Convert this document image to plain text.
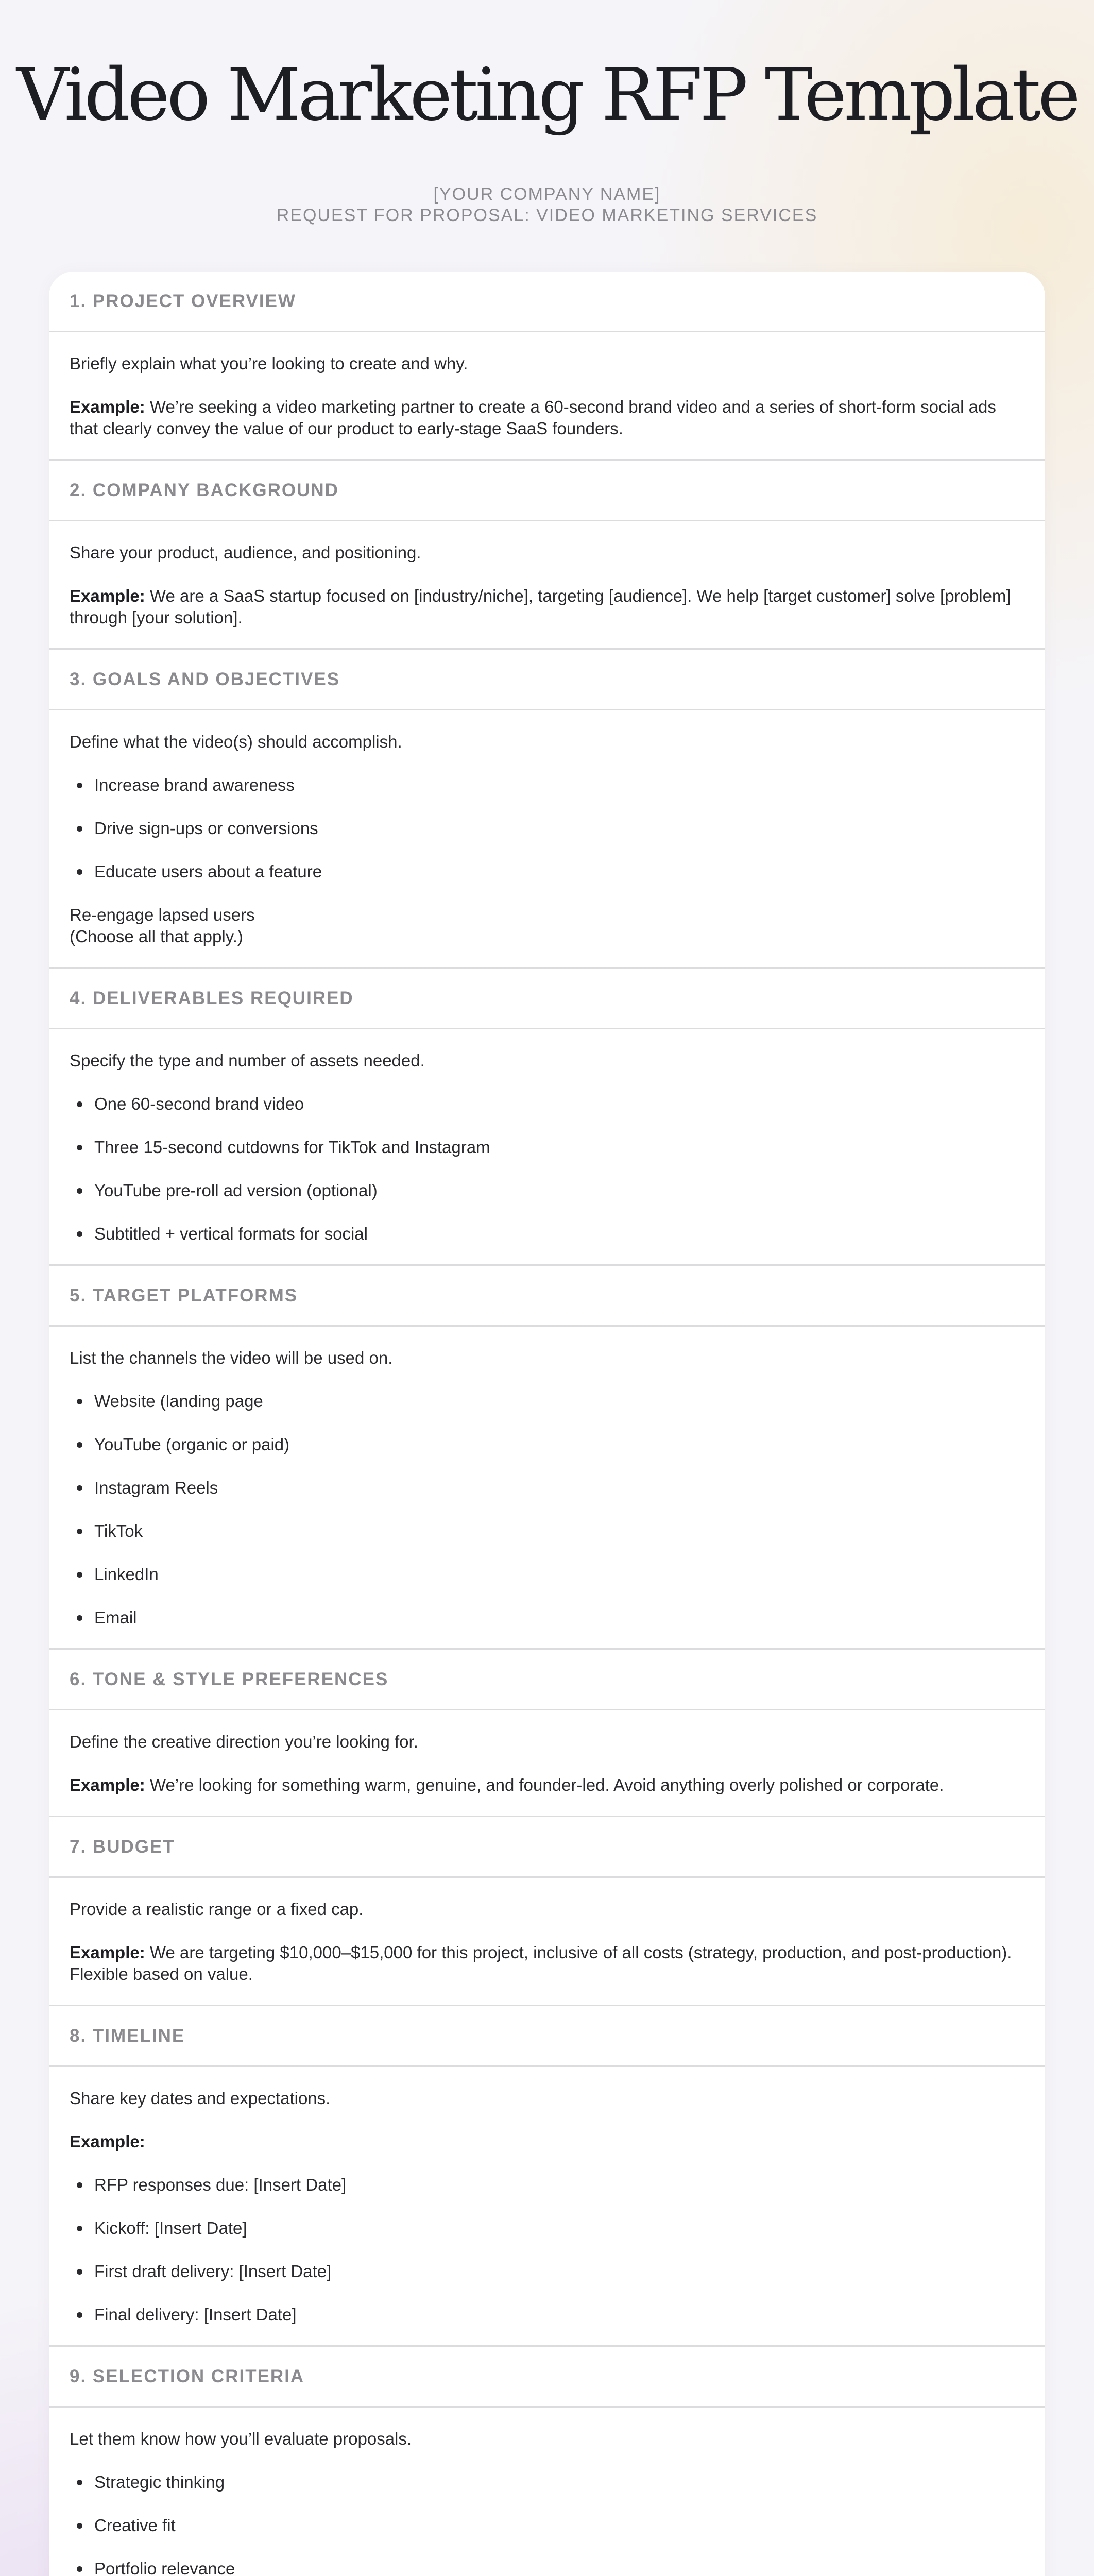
Video Marketing RFP Template

[YOUR COMPANY NAME]

REQUEST FOR PROPOSAL: VIDEO MARKETING SERVICES

1. PROJECT OVERVIEW

Briefly explain what you’re looking to create and why.

Example: We’re seeking a video marketing partner to create a 60-second brand video and a series of short-form social ads that clearly convey the value of our product to early-stage SaaS founders.

2. COMPANY BACKGROUND

Share your product, audience, and positioning.

Example: We are a SaaS startup focused on [industry/niche], targeting [audience]. We help [target customer] solve [problem] through [your solution].

3. GOALS AND OBJECTIVES

Define what the video(s) should accomplish.

Increase brand awareness
Drive sign-ups or conversions
Educate users about a feature

Re-engage lapsed users
(Choose all that apply.)

4. DELIVERABLES REQUIRED

Specify the type and number of assets needed.

One 60-second brand video
Three 15-second cutdowns for TikTok and Instagram
YouTube pre-roll ad version (optional)
Subtitled + vertical formats for social
5. TARGET PLATFORMS

List the channels the video will be used on.

Website (landing page
YouTube (organic or paid)
Instagram Reels
TikTok
LinkedIn
Email
6. TONE & STYLE PREFERENCES

Define the creative direction you’re looking for.

Example: We’re looking for something warm, genuine, and founder-led. Avoid anything overly polished or corporate.

7. BUDGET

Provide a realistic range or a fixed cap.

Example: We are targeting $10,000–$15,000 for this project, inclusive of all costs (strategy, production, and post-production). Flexible based on value.

8. TIMELINE

Share key dates and expectations.

Example:

RFP responses due: [Insert Date]
Kickoff: [Insert Date]
First draft delivery: [Insert Date]
Final delivery: [Insert Date]
9. SELECTION CRITERIA

Let them know how you’ll evaluate proposals.

Strategic thinking
Creative fit
Portfolio relevance
